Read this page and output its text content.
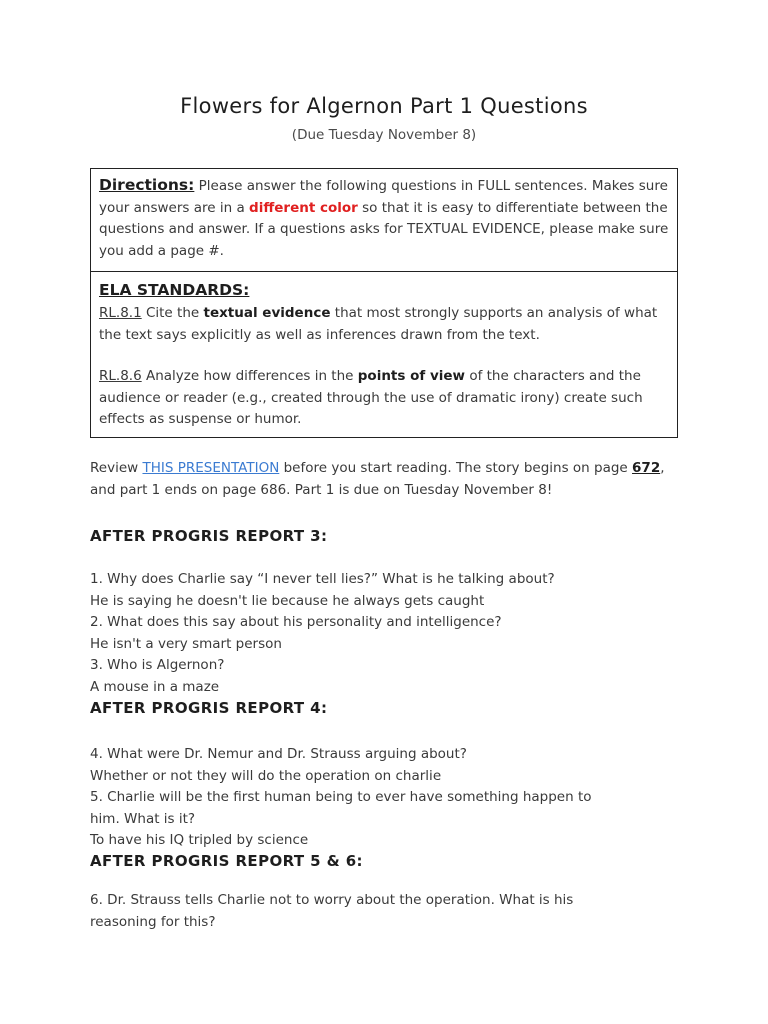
Flowers for Algernon Part 1 Questions

(Due Tuesday November 8)

Directions: Please answer the following questions in FULL sentences. Makes sure your answers are in a different color so that it is easy to differentiate between the questions and answer. If a questions asks for TEXTUAL EVIDENCE, please make sure you add a page #.
ELA STANDARDS:

RL.8.1 Cite the textual evidence that most strongly supports an analysis of what the text says explicitly as well as inferences drawn from the text.

RL.8.6 Analyze how differences in the points of view of the characters and the audience or reader (e.g., created through the use of dramatic irony) create such effects as suspense or humor.

Review THIS PRESENTATION before you start reading. The story begins on page 672, and part 1 ends on page 686. Part 1 is due on Tuesday November 8!

AFTER PROGRIS REPORT 3:
1. Why does Charlie say “I never tell lies?” What is he talking about?
He is saying he doesn't lie because he always gets caught
2. What does this say about his personality and intelligence?
He isn't a very smart person
3. Who is Algernon?
A mouse in a maze
AFTER PROGRIS REPORT 4:
4. What were Dr. Nemur and Dr. Strauss arguing about?
Whether or not they will do the operation on charlie
5. Charlie will be the first human being to ever have something happen to
him. What is it?
To have his IQ tripled by science
AFTER PROGRIS REPORT 5 & 6:
6. Dr. Strauss tells Charlie not to worry about the operation. What is his
reasoning for this?
